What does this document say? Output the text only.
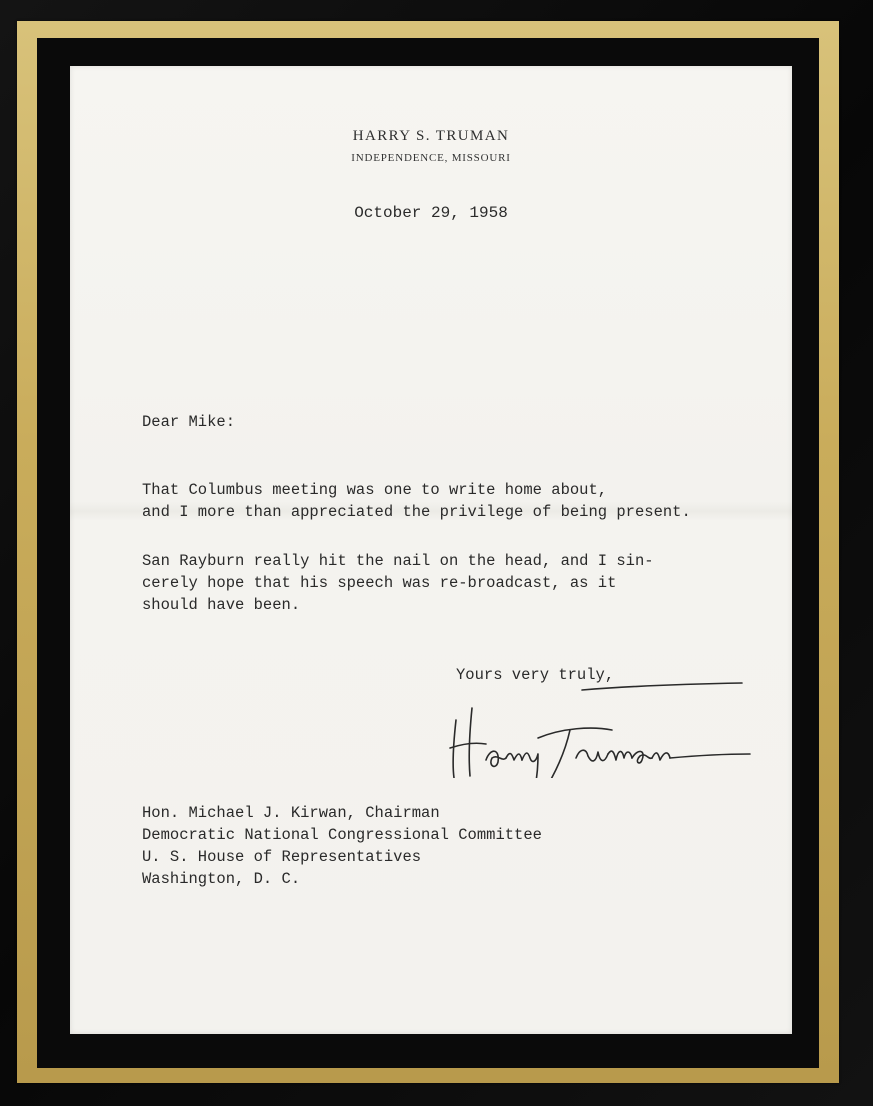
HARRY S. TRUMAN
INDEPENDENCE, MISSOURI
October 29, 1958
Dear Mike:
That Columbus meeting was one to write home about,
and I more than appreciated the privilege of being present.
San Rayburn really hit the nail on the head, and I sin-
cerely hope that his speech was re-broadcast, as it
should have been.
Yours very truly,
Hon. Michael J. Kirwan, Chairman
Democratic National Congressional Committee
U. S. House of Representatives
Washington, D. C.
